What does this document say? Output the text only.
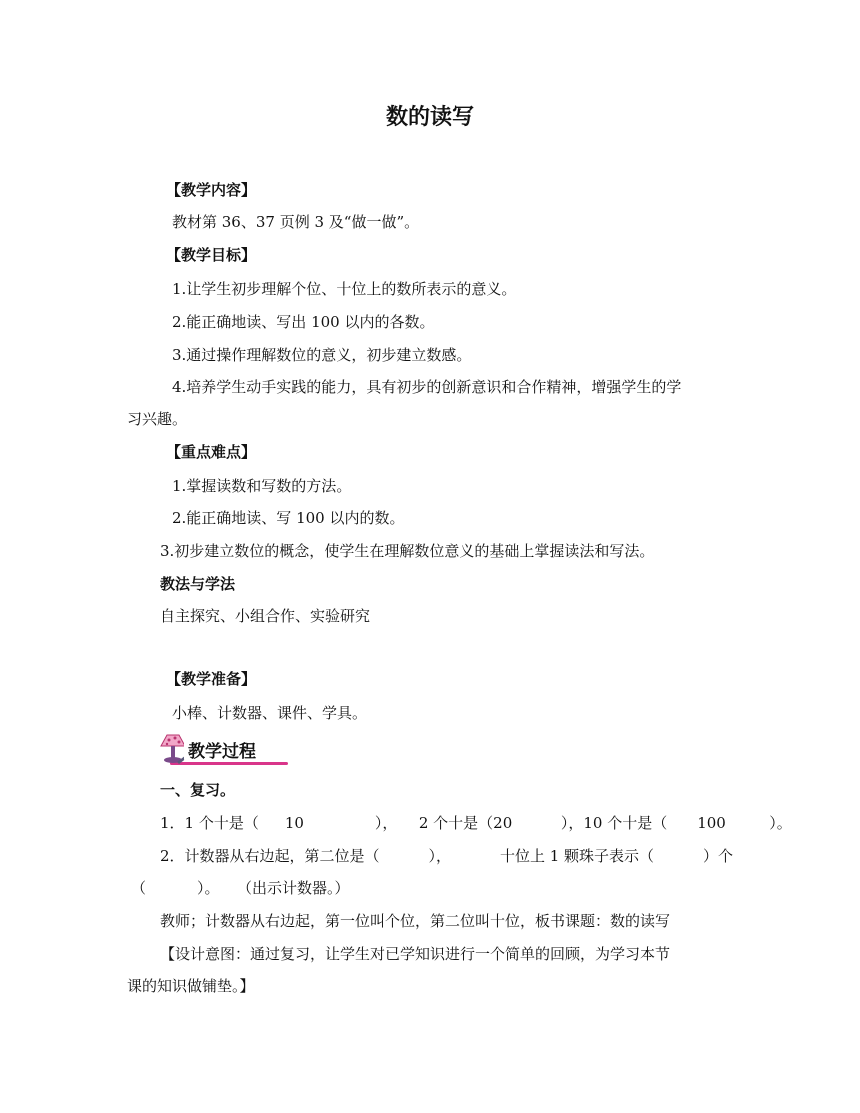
数的读写
【教学内容】
教材第 36、37 页例 3 及“做一做”。
【教学目标】
1.让学生初步理解个位、十位上的数所表示的意义。
2.能正确地读、写出 100 以内的各数。
3.通过操作理解数位的意义，初步建立数感。
4.培养学生动手实践的能力，具有初步的创新意识和合作精神，增强学生的学
习兴趣。
【重点难点】
1.掌握读数和写数的方法。
2.能正确地读、写 100 以内的数。
3.初步建立数位的概念，使学生在理解数位意义的基础上掌握读法和写法。
教法与学法
自主探究、小组合作、实验研究
【教学准备】
小棒、计数器、课件、学具。
教学过程
一、复习。
1．1 个十是（ 10	）， 2 个十是（20	），10 个十是（ 100	）。
2．计数器从右边起，第二位是（	），	十位上 1 颗珠子表示（	）个
（	）。 （出示计数器。）
教师；计数器从右边起，第一位叫个位，第二位叫十位，板书课题：数的读写
【设计意图：通过复习，让学生对已学知识进行一个简单的回顾，为学习本节
课的知识做铺垫。】
